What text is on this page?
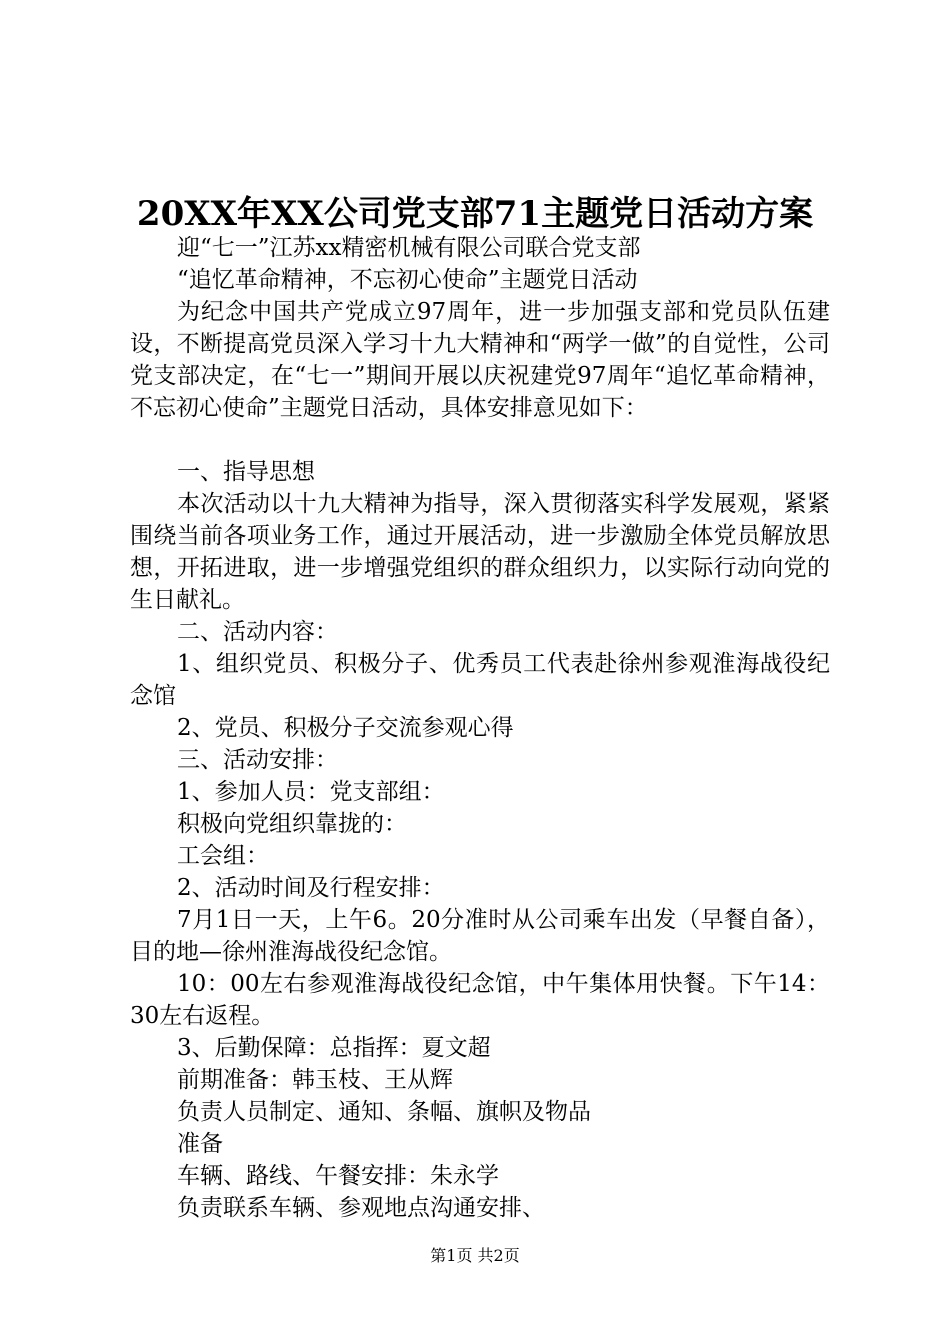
20XX年XX公司党支部71主题党日活动方案

迎“七一”江苏xx精密机械有限公司联合党支部

“追忆革命精神，不忘初心使命”主题党日活动

为纪念中国共产党成立97周年，进一步加强支部和党员队伍建设，不断提高党员深入学习十九大精神和“两学一做”的自觉性，公司党支部决定，在“七一”期间开展以庆祝建党97周年“追忆革命精神，不忘初心使命”主题党日活动，具体安排意见如下：

一、指导思想

本次活动以十九大精神为指导，深入贯彻落实科学发展观，紧紧围绕当前各项业务工作，通过开展活动，进一步激励全体党员解放思想，开拓进取，进一步增强党组织的群众组织力，以实际行动向党的生日献礼。

二、活动内容：

1、组织党员、积极分子、优秀员工代表赴徐州参观淮海战役纪念馆

2、党员、积极分子交流参观心得

三、活动安排：

1、参加人员：党支部组：

积极向党组织靠拢的：

工会组：

2、活动时间及行程安排：

7月1日一天，上午6。20分准时从公司乘车出发（早餐自备），目的地—徐州淮海战役纪念馆。

10：00左右参观淮海战役纪念馆，中午集体用快餐。下午14：30左右返程。

3、后勤保障：总指挥：夏文超

前期准备：韩玉枝、王从辉

负责人员制定、通知、条幅、旗帜及物品

准备

车辆、路线、午餐安排：朱永学

负责联系车辆、参观地点沟通安排、

第1页 共2页
